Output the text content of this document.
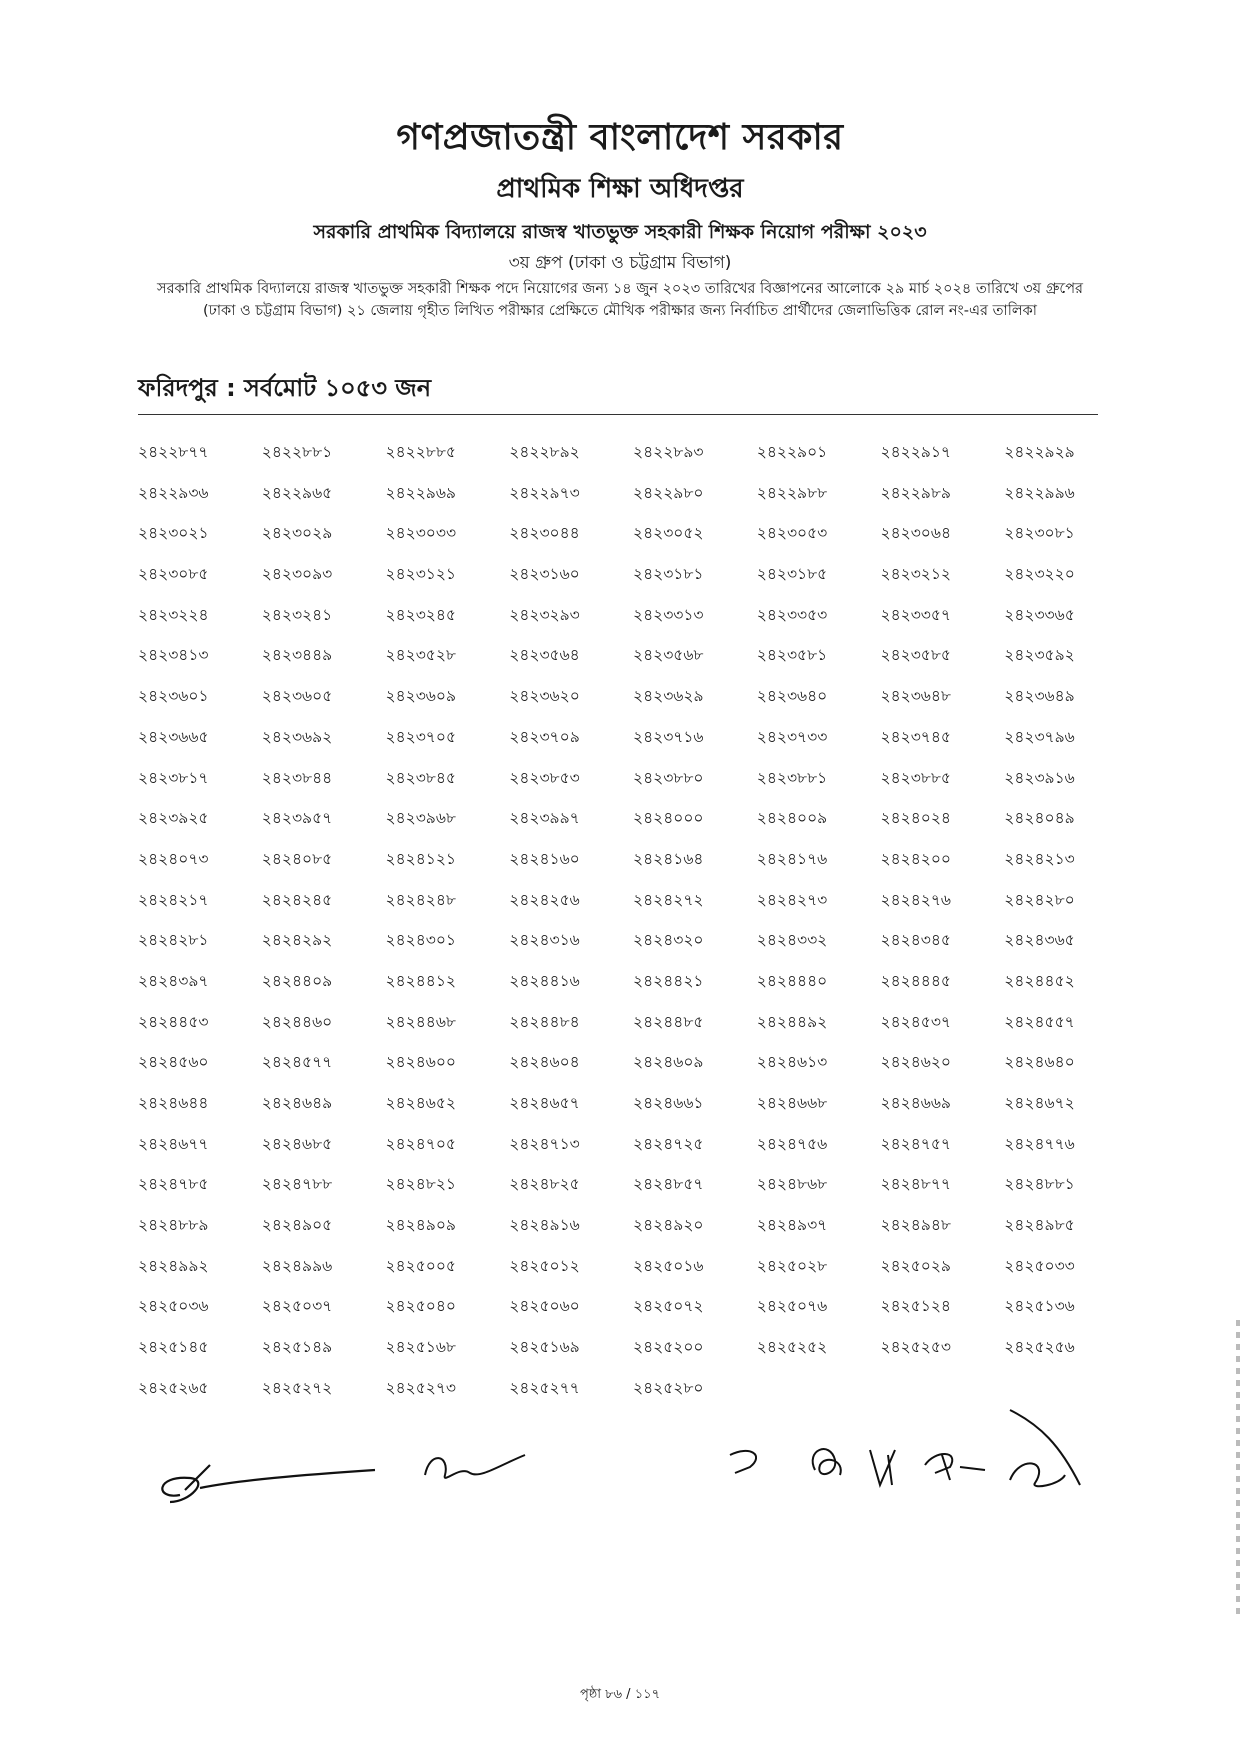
গণপ্রজাতন্ত্রী বাংলাদেশ সরকার
প্রাথমিক শিক্ষা অধিদপ্তর
সরকারি প্রাথমিক বিদ্যালয়ে রাজস্ব খাতভুক্ত সহকারী শিক্ষক নিয়োগ পরীক্ষা ২০২৩
৩য় গ্রুপ (ঢাকা ও চট্টগ্রাম বিভাগ)
সরকারি প্রাথমিক বিদ্যালয়ে রাজস্ব খাতভুক্ত সহকারী শিক্ষক পদে নিয়োগের জন্য ১৪ জুন ২০২৩ তারিখের বিজ্ঞাপনের আলোকে ২৯ মার্চ ২০২৪ তারিখে ৩য় গ্রুপের (ঢাকা ও চট্টগ্রাম বিভাগ) ২১ জেলায় গৃহীত লিখিত পরীক্ষার প্রেক্ষিতে মৌখিক পরীক্ষার জন্য নির্বাচিত প্রার্থীদের জেলাভিত্তিক রোল নং-এর তালিকা
ফরিদপুর : সর্বমোট ১০৫৩ জন
২৪২২৮৭৭	২৪২২৮৮১	২৪২২৮৮৫	২৪২২৮৯২	২৪২২৮৯৩	২৪২২৯০১	২৪২২৯১৭	২৪২২৯২৯
২৪২২৯৩৬	২৪২২৯৬৫	২৪২২৯৬৯	২৪২২৯৭৩	২৪২২৯৮০	২৪২২৯৮৮	২৪২২৯৮৯	২৪২২৯৯৬
২৪২৩০২১	২৪২৩০২৯	২৪২৩০৩৩	২৪২৩০৪৪	২৪২৩০৫২	২৪২৩০৫৩	২৪২৩০৬৪	২৪২৩০৮১
২৪২৩০৮৫	২৪২৩০৯৩	২৪২৩১২১	২৪২৩১৬০	২৪২৩১৮১	২৪২৩১৮৫	২৪২৩২১২	২৪২৩২২০
২৪২৩২২৪	২৪২৩২৪১	২৪২৩২৪৫	২৪২৩২৯৩	২৪২৩৩১৩	২৪২৩৩৫৩	২৪২৩৩৫৭	২৪২৩৩৬৫
২৪২৩৪১৩	২৪২৩৪৪৯	২৪২৩৫২৮	২৪২৩৫৬৪	২৪২৩৫৬৮	২৪২৩৫৮১	২৪২৩৫৮৫	২৪২৩৫৯২
২৪২৩৬০১	২৪২৩৬০৫	২৪২৩৬০৯	২৪২৩৬২০	২৪২৩৬২৯	২৪২৩৬৪০	২৪২৩৬৪৮	২৪২৩৬৪৯
২৪২৩৬৬৫	২৪২৩৬৯২	২৪২৩৭০৫	২৪২৩৭০৯	২৪২৩৭১৬	২৪২৩৭৩৩	২৪২৩৭৪৫	২৪২৩৭৯৬
২৪২৩৮১৭	২৪২৩৮৪৪	২৪২৩৮৪৫	২৪২৩৮৫৩	২৪২৩৮৮০	২৪২৩৮৮১	২৪২৩৮৮৫	২৪২৩৯১৬
২৪২৩৯২৫	২৪২৩৯৫৭	২৪২৩৯৬৮	২৪২৩৯৯৭	২৪২৪০০০	২৪২৪০০৯	২৪২৪০২৪	২৪২৪০৪৯
২৪২৪০৭৩	২৪২৪০৮৫	২৪২৪১২১	২৪২৪১৬০	২৪২৪১৬৪	২৪২৪১৭৬	২৪২৪২০০	২৪২৪২১৩
২৪২৪২১৭	২৪২৪২৪৫	২৪২৪২৪৮	২৪২৪২৫৬	২৪২৪২৭২	২৪২৪২৭৩	২৪২৪২৭৬	২৪২৪২৮০
২৪২৪২৮১	২৪২৪২৯২	২৪২৪৩০১	২৪২৪৩১৬	২৪২৪৩২০	২৪২৪৩৩২	২৪২৪৩৪৫	২৪২৪৩৬৫
২৪২৪৩৯৭	২৪২৪৪০৯	২৪২৪৪১২	২৪২৪৪১৬	২৪২৪৪২১	২৪২৪৪৪০	২৪২৪৪৪৫	২৪২৪৪৫২
২৪২৪৪৫৩	২৪২৪৪৬০	২৪২৪৪৬৮	২৪২৪৪৮৪	২৪২৪৪৮৫	২৪২৪৪৯২	২৪২৪৫৩৭	২৪২৪৫৫৭
২৪২৪৫৬০	২৪২৪৫৭৭	২৪২৪৬০০	২৪২৪৬০৪	২৪২৪৬০৯	২৪২৪৬১৩	২৪২৪৬২০	২৪২৪৬৪০
২৪২৪৬৪৪	২৪২৪৬৪৯	২৪২৪৬৫২	২৪২৪৬৫৭	২৪২৪৬৬১	২৪২৪৬৬৮	২৪২৪৬৬৯	২৪২৪৬৭২
২৪২৪৬৭৭	২৪২৪৬৮৫	২৪২৪৭০৫	২৪২৪৭১৩	২৪২৪৭২৫	২৪২৪৭৫৬	২৪২৪৭৫৭	২৪২৪৭৭৬
২৪২৪৭৮৫	২৪২৪৭৮৮	২৪২৪৮২১	২৪২৪৮২৫	২৪২৪৮৫৭	২৪২৪৮৬৮	২৪২৪৮৭৭	২৪২৪৮৮১
২৪২৪৮৮৯	২৪২৪৯০৫	২৪২৪৯০৯	২৪২৪৯১৬	২৪২৪৯২০	২৪২৪৯৩৭	২৪২৪৯৪৮	২৪২৪৯৮৫
২৪২৪৯৯২	২৪২৪৯৯৬	২৪২৫০০৫	২৪২৫০১২	২৪২৫০১৬	২৪২৫০২৮	২৪২৫০২৯	২৪২৫০৩৩
২৪২৫০৩৬	২৪২৫০৩৭	২৪২৫০৪০	২৪২৫০৬০	২৪২৫০৭২	২৪২৫০৭৬	২৪২৫১২৪	২৪২৫১৩৬
২৪২৫১৪৫	২৪২৫১৪৯	২৪২৫১৬৮	২৪২৫১৬৯	২৪২৫২০০	২৪২৫২৫২	২৪২৫২৫৩	২৪২৫২৫৬
২৪২৫২৬৫	২৪২৫২৭২	২৪২৫২৭৩	২৪২৫২৭৭	২৪২৫২৮০
পৃষ্ঠা ৮৬ / ১১৭
